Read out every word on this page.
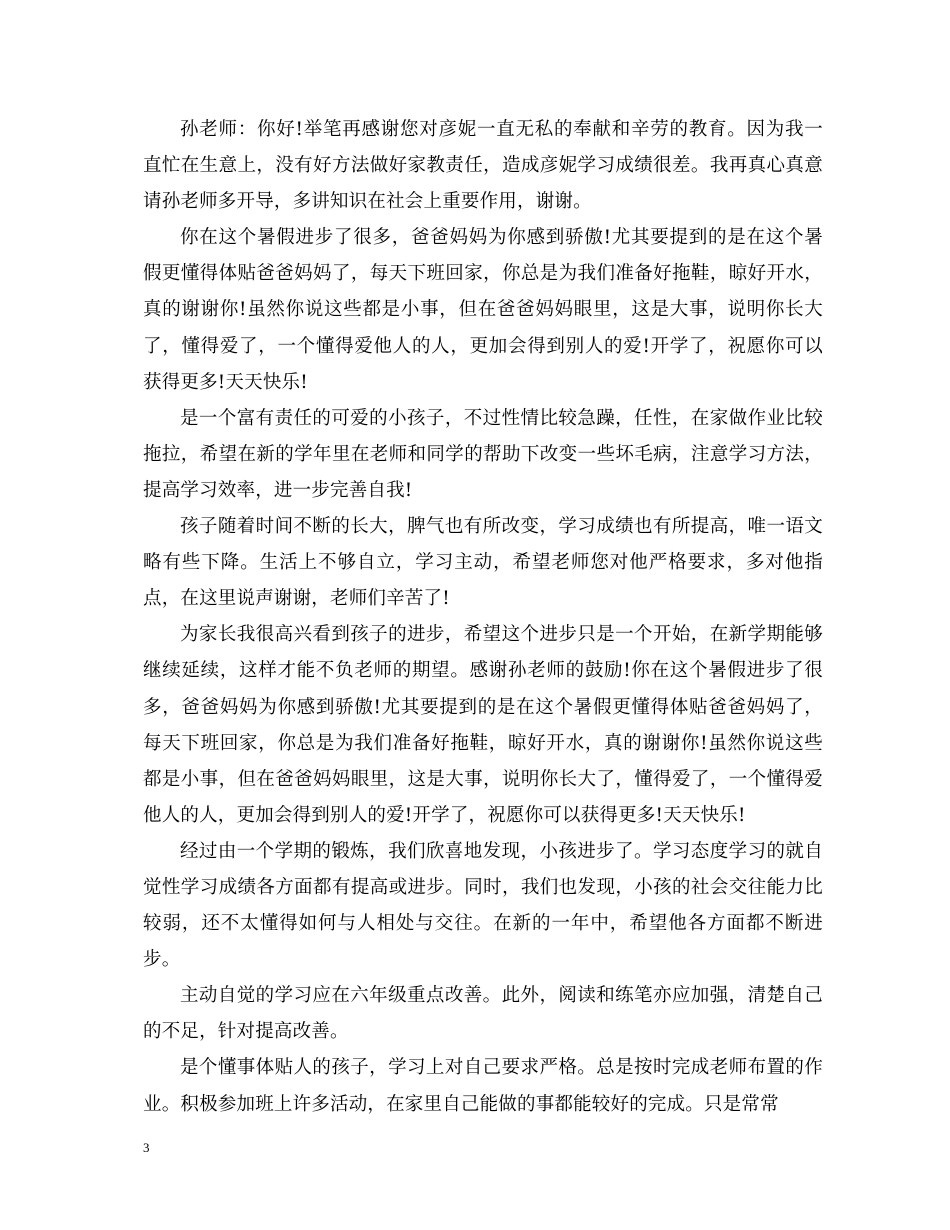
孙老师：你好!举笔再感谢您对彦妮一直无私的奉献和辛劳的教育。因为我一直忙在生意上，没有好方法做好家教责任，造成彦妮学习成绩很差。我再真心真意请孙老师多开导，多讲知识在社会上重要作用，谢谢。

你在这个暑假进步了很多，爸爸妈妈为你感到骄傲!尤其要提到的是在这个暑假更懂得体贴爸爸妈妈了，每天下班回家，你总是为我们准备好拖鞋，晾好开水，真的谢谢你!虽然你说这些都是小事，但在爸爸妈妈眼里，这是大事，说明你长大了，懂得爱了，一个懂得爱他人的人，更加会得到别人的爱!开学了，祝愿你可以获得更多!天天快乐!

是一个富有责任的可爱的小孩子，不过性情比较急躁，任性，在家做作业比较拖拉，希望在新的学年里在老师和同学的帮助下改变一些坏毛病，注意学习方法，提高学习效率，进一步完善自我!

孩子随着时间不断的长大，脾气也有所改变，学习成绩也有所提高，唯一语文略有些下降。生活上不够自立，学习主动，希望老师您对他严格要求，多对他指点，在这里说声谢谢，老师们辛苦了!

为家长我很高兴看到孩子的进步，希望这个进步只是一个开始，在新学期能够继续延续，这样才能不负老师的期望。感谢孙老师的鼓励!你在这个暑假进步了很多，爸爸妈妈为你感到骄傲!尤其要提到的是在这个暑假更懂得体贴爸爸妈妈了，每天下班回家，你总是为我们准备好拖鞋，晾好开水，真的谢谢你!虽然你说这些都是小事，但在爸爸妈妈眼里，这是大事，说明你长大了，懂得爱了，一个懂得爱他人的人，更加会得到别人的爱!开学了，祝愿你可以获得更多!天天快乐!

经过由一个学期的锻炼，我们欣喜地发现，小孩进步了。学习态度学习的就自觉性学习成绩各方面都有提高或进步。同时，我们也发现，小孩的社会交往能力比较弱，还不太懂得如何与人相处与交往。在新的一年中，希望他各方面都不断进步。

主动自觉的学习应在六年级重点改善。此外，阅读和练笔亦应加强，清楚自己的不足，针对提高改善。

是个懂事体贴人的孩子，学习上对自己要求严格。总是按时完成老师布置的作业。积极参加班上许多活动，在家里自己能做的事都能较好的完成。只是常常

3
